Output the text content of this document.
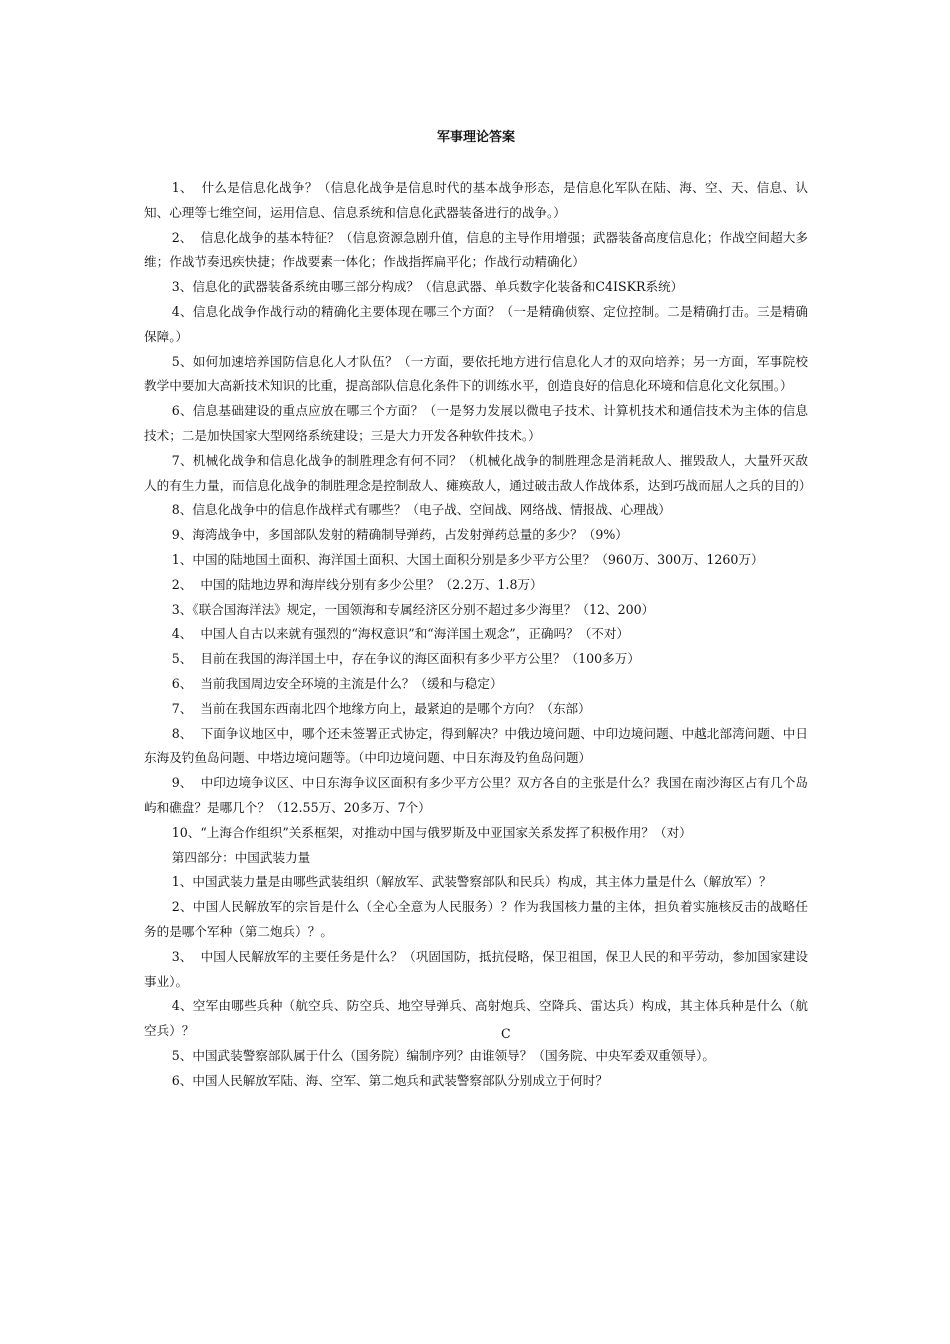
军事理论答案

1、  什么是信息化战争？（信息化战争是信息时代的基本战争形态，是信息化军队在陆、海、空、天、信息、认知、心理等七维空间，运用信息、信息系统和信息化武器装备进行的战争。）

2、  信息化战争的基本特征？（信息资源急剧升值，信息的主导作用增强；武器装备高度信息化；作战空间超大多维；作战节奏迅疾快捷；作战要素一体化；作战指挥扁平化；作战行动精确化）

3、信息化的武器装备系统由哪三部分构成？（信息武器、单兵数字化装备和C4ISKR系统）

4、信息化战争作战行动的精确化主要体现在哪三个方面？（一是精确侦察、定位控制。二是精确打击。三是精确保障。）

5、如何加速培养国防信息化人才队伍？（一方面，要依托地方进行信息化人才的双向培养；另一方面，军事院校教学中要加大高新技术知识的比重，提高部队信息化条件下的训练水平，创造良好的信息化环境和信息化文化氛围。）

6、信息基础建设的重点应放在哪三个方面？（一是努力发展以微电子技术、计算机技术和通信技术为主体的信息技术；二是加快国家大型网络系统建设；三是大力开发各种软件技术。）

7、机械化战争和信息化战争的制胜理念有何不同？（机械化战争的制胜理念是消耗敌人、摧毁敌人，大量歼灭敌人的有生力量，而信息化战争的制胜理念是控制敌人、瘫痪敌人，通过破击敌人作战体系，达到巧战而屈人之兵的目的）

8、信息化战争中的信息作战样式有哪些？（电子战、空间战、网络战、情报战、心理战）

9、海湾战争中，多国部队发射的精确制导弹药，占发射弹药总量的多少？（9%）

1、中国的陆地国土面积、海洋国土面积、大国土面积分别是多少平方公里？（960万、300万、1260万）

2、  中国的陆地边界和海岸线分别有多少公里？（2.2万、1.8万）

3、《联合国海洋法》规定，一国领海和专属经济区分别不超过多少海里？（12、200）

4、  中国人自古以来就有强烈的“海权意识”和“海洋国土观念”，正确吗？（不对）

5、  目前在我国的海洋国土中，存在争议的海区面积有多少平方公里？（100多万）

6、  当前我国周边安全环境的主流是什么？（缓和与稳定）

7、  当前在我国东西南北四个地缘方向上，最紧迫的是哪个方向？（东部）

8、  下面争议地区中，哪个还未签署正式协定，得到解决？中俄边境问题、中印边境问题、中越北部湾问题、中日东海及钓鱼岛问题、中塔边境问题等。（中印边境问题、中日东海及钓鱼岛问题）

9、  中印边境争议区、中日东海争议区面积有多少平方公里？双方各自的主张是什么？我国在南沙海区占有几个岛屿和礁盘？是哪几个？（12.55万、20多万、7个）

10、“上海合作组织”关系框架，对推动中国与俄罗斯及中亚国家关系发挥了积极作用？（对）

第四部分：中国武装力量

1、中国武装力量是由哪些武装组织（解放军、武装警察部队和民兵）构成，其主体力量是什么（解放军）？

2、中国人民解放军的宗旨是什么（全心全意为人民服务）？作为我国核力量的主体，担负着实施核反击的战略任务的是哪个军种（第二炮兵）？。

3、  中国人民解放军的主要任务是什么？（巩固国防，抵抗侵略，保卫祖国，保卫人民的和平劳动，参加国家建设事业）。

4、空军由哪些兵种（航空兵、防空兵、地空导弹兵、高射炮兵、空降兵、雷达兵）构成，其主体兵种是什么（航空兵）？

5、中国武装警察部队属于什么（国务院）编制序列？由谁领导？（国务院、中央军委双重领导）。

6、中国人民解放军陆、海、空军、第二炮兵和武装警察部队分别成立于何时？

C
